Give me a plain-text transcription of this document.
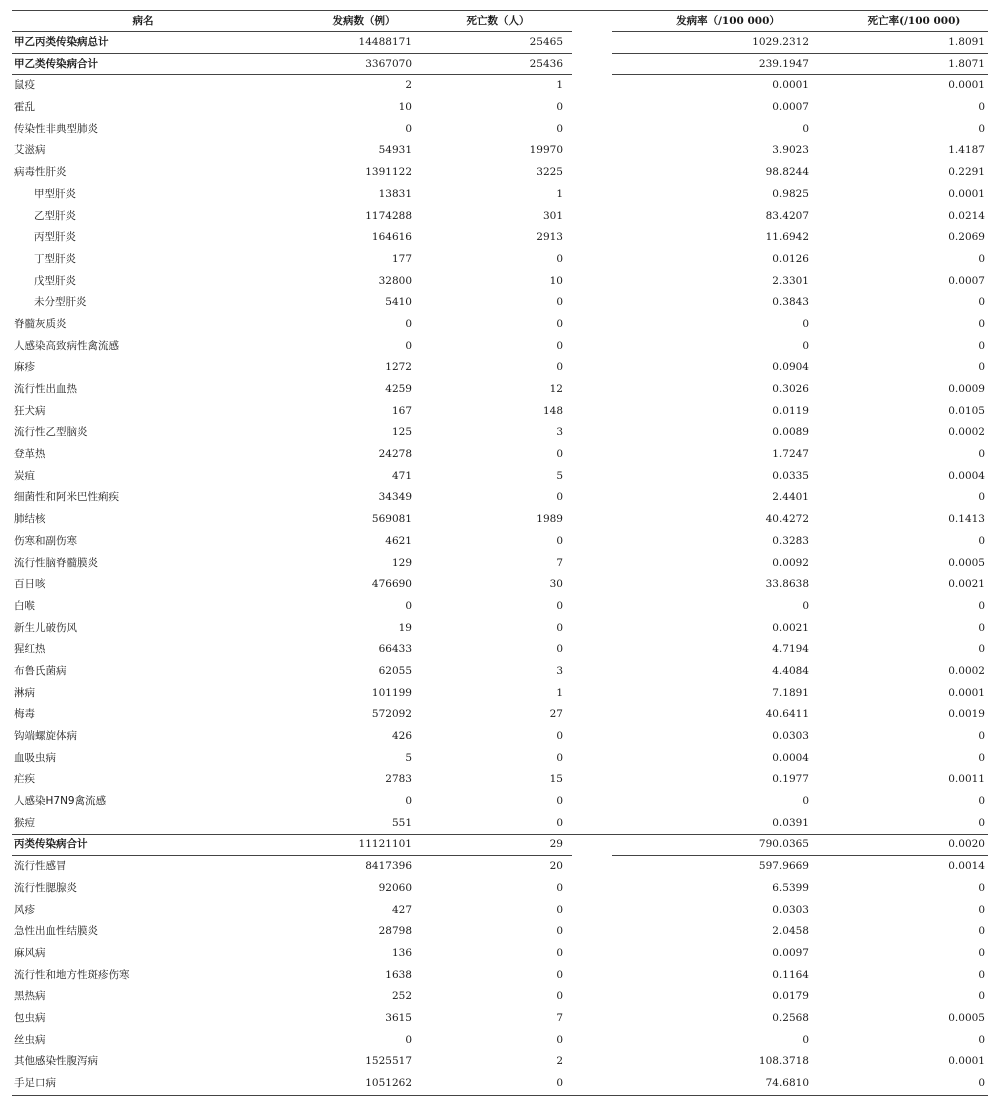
病名	发病数（例）	死亡数（人）	发病率（/100 000）	死亡率(/100 000)
甲乙丙类传染病总计	14488171	25465	1029.2312	1.8091
甲乙类传染病合计	3367070	25436	239.1947	1.8071
鼠疫	2	1	0.0001	0.0001
霍乱	10	0	0.0007	0
传染性非典型肺炎	0	0	0	0
艾滋病	54931	19970	3.9023	1.4187
病毒性肝炎	1391122	3225	98.8244	0.2291
甲型肝炎	13831	1	0.9825	0.0001
乙型肝炎	1174288	301	83.4207	0.0214
丙型肝炎	164616	2913	11.6942	0.2069
丁型肝炎	177	0	0.0126	0
戊型肝炎	32800	10	2.3301	0.0007
未分型肝炎	5410	0	0.3843	0
脊髓灰质炎	0	0	0	0
人感染高致病性禽流感	0	0	0	0
麻疹	1272	0	0.0904	0
流行性出血热	4259	12	0.3026	0.0009
狂犬病	167	148	0.0119	0.0105
流行性乙型脑炎	125	3	0.0089	0.0002
登革热	24278	0	1.7247	0
炭疽	471	5	0.0335	0.0004
细菌性和阿米巴性痢疾	34349	0	2.4401	0
肺结核	569081	1989	40.4272	0.1413
伤寒和副伤寒	4621	0	0.3283	0
流行性脑脊髓膜炎	129	7	0.0092	0.0005
百日咳	476690	30	33.8638	0.0021
白喉	0	0	0	0
新生儿破伤风	19	0	0.0021	0
猩红热	66433	0	4.7194	0
布鲁氏菌病	62055	3	4.4084	0.0002
淋病	101199	1	7.1891	0.0001
梅毒	572092	27	40.6411	0.0019
钩端螺旋体病	426	0	0.0303	0
血吸虫病	5	0	0.0004	0
疟疾	2783	15	0.1977	0.0011
人感染H7N9禽流感	0	0	0	0
猴痘	551	0	0.0391	0
丙类传染病合计	11121101	29	790.0365	0.0020
流行性感冒	8417396	20	597.9669	0.0014
流行性腮腺炎	92060	0	6.5399	0
风疹	427	0	0.0303	0
急性出血性结膜炎	28798	0	2.0458	0
麻风病	136	0	0.0097	0
流行性和地方性斑疹伤寒	1638	0	0.1164	0
黑热病	252	0	0.0179	0
包虫病	3615	7	0.2568	0.0005
丝虫病	0	0	0	0
其他感染性腹泻病	1525517	2	108.3718	0.0001
手足口病	1051262	0	74.6810	0
